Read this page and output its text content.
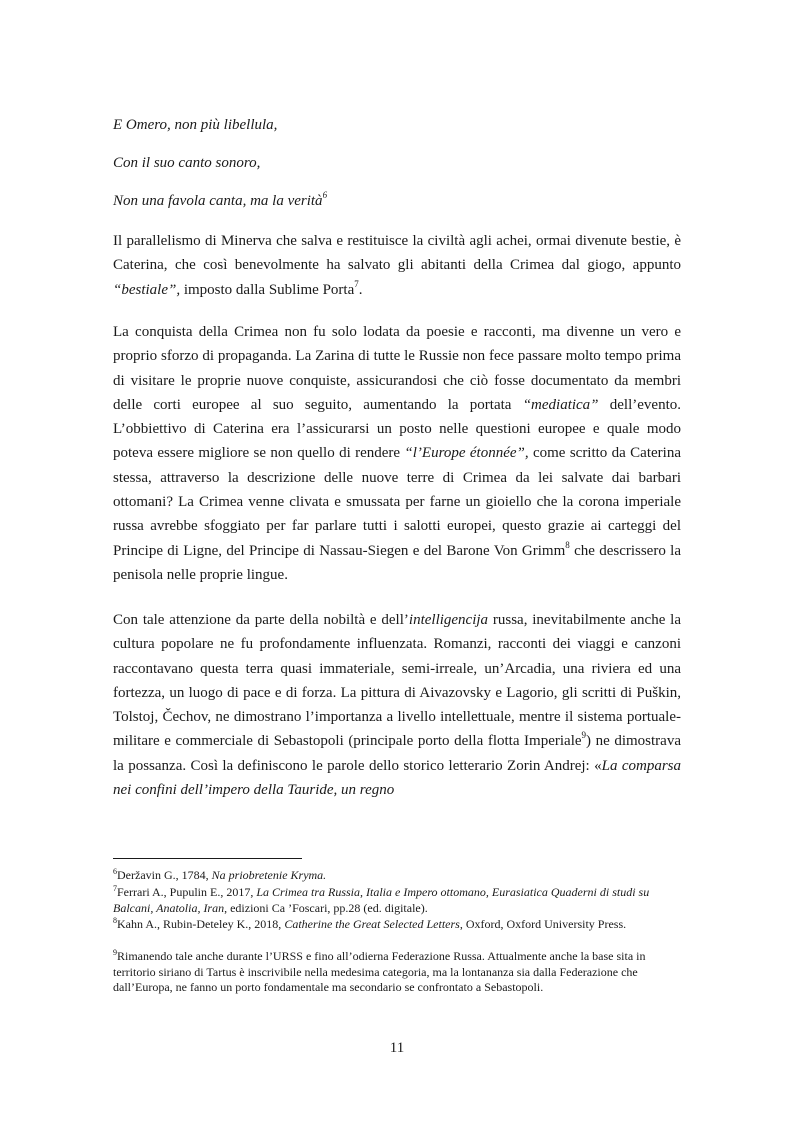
E Omero, non più libellula,
Con il suo canto sonoro,
Non una favola canta, ma la verità$^6$
Il parallelismo di Minerva che salva e restituisce la civiltà agli achei, ormai divenute bestie, è Caterina, che così benevolmente ha salvato gli abitanti della Crimea dal giogo, appunto “bestiale”, imposto dalla Sublime Porta$^7$.
La conquista della Crimea non fu solo lodata da poesie e racconti, ma divenne un vero e proprio sforzo di propaganda. La Zarina di tutte le Russie non fece passare molto tempo prima di visitare le proprie nuove conquiste, assicurandosi che ciò fosse documentato da membri delle corti europee al suo seguito, aumentando la portata “mediatica” dell’evento. L’obbiettivo di Caterina era l’assicurarsi un posto nelle questioni europee e quale modo poteva essere migliore se non quello di rendere “l’Europe étonnée”, come scritto da Caterina stessa, attraverso la descrizione delle nuove terre di Crimea da lei salvate dai barbari ottomani? La Crimea venne clivata e smussata per farne un gioiello che la corona imperiale russa avrebbe sfoggiato per far parlare tutti i salotti europei, questo grazie ai carteggi del Principe di Ligne, del Principe di Nassau-Siegen e del Barone Von Grimm$^8$ che descrissero la penisola nelle proprie lingue.
Con tale attenzione da parte della nobiltà e dell’intelligencija russa, inevitabilmente anche la cultura popolare ne fu profondamente influenzata. Romanzi, racconti dei viaggi e canzoni raccontavano questa terra quasi immateriale, semi-irreale, un’Arcadia, una riviera ed una fortezza, un luogo di pace e di forza. La pittura di Aivazovsky e Lagorio, gli scritti di Puškin, Tolstoj, Čechov, ne dimostrano l’importanza a livello intellettuale, mentre il sistema portuale-militare e commerciale di Sebastopoli (principale porto della flotta Imperiale$^9$) ne dimostrava la possanza. Così la definiscono le parole dello storico letterario Zorin Andrej: «La comparsa nei confini dell’impero della Tauride, un regno
$^6$Deržavin G., 1784, Na priobretenie Kryma.
$^7$Ferrari A., Pupulin E., 2017, La Crimea tra Russia, Italia e Impero ottomano, Eurasiatica Quaderni di studi su Balcani, Anatolia, Iran, edizioni Ca ’Foscari, pp.28 (ed. digitale).
$^8$Kahn A., Rubin-Deteley K., 2018, Catherine the Great Selected Letters, Oxford, Oxford University Press.
$^9$Rimanendo tale anche durante l’URSS e fino all’odierna Federazione Russa. Attualmente anche la base sita in territorio siriano di Tartus è inscrivibile nella medesima categoria, ma la lontananza sia dalla Federazione che dall’Europa, ne fanno un porto fondamentale ma secondario se confrontato a Sebastopoli.
11
